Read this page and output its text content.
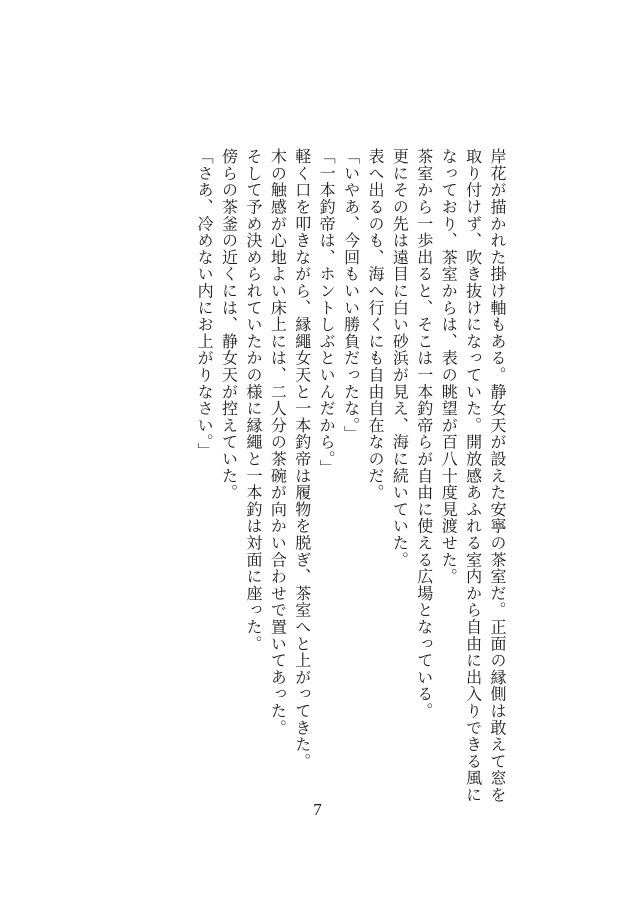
岸花が描かれた掛け軸もある。静女天が設えた安寧の茶室だ。正面の縁側は敢えて窓を

取り付けず、吹き抜けになっていた。開放感あふれる室内から自由に出入りできる風に

なっており、茶室からは、表の眺望が百八十度見渡せた。

茶室から一歩出ると、そこは一本釣帝らが自由に使える広場となっている。

更にその先は遠目に白い砂浜が見え、海に続いていた。

表へ出るのも、海へ行くにも自由自在なのだ。

「いやあ、今回もいい勝負だったな。」

「一本釣帝は、ホントしぶといんだから。」

軽く口を叩きながら、縁繩女天と一本釣帝は履物を脱ぎ、茶室へと上がってきた。

木の触感が心地よい床上には、二人分の茶碗が向かい合わせで置いてあった。

そして予め決められていたかの様に縁繩と一本釣は対面に座った。

傍らの茶釜の近くには、静女天が控えていた。

「さあ、冷めない内にお上がりなさい。」

7
